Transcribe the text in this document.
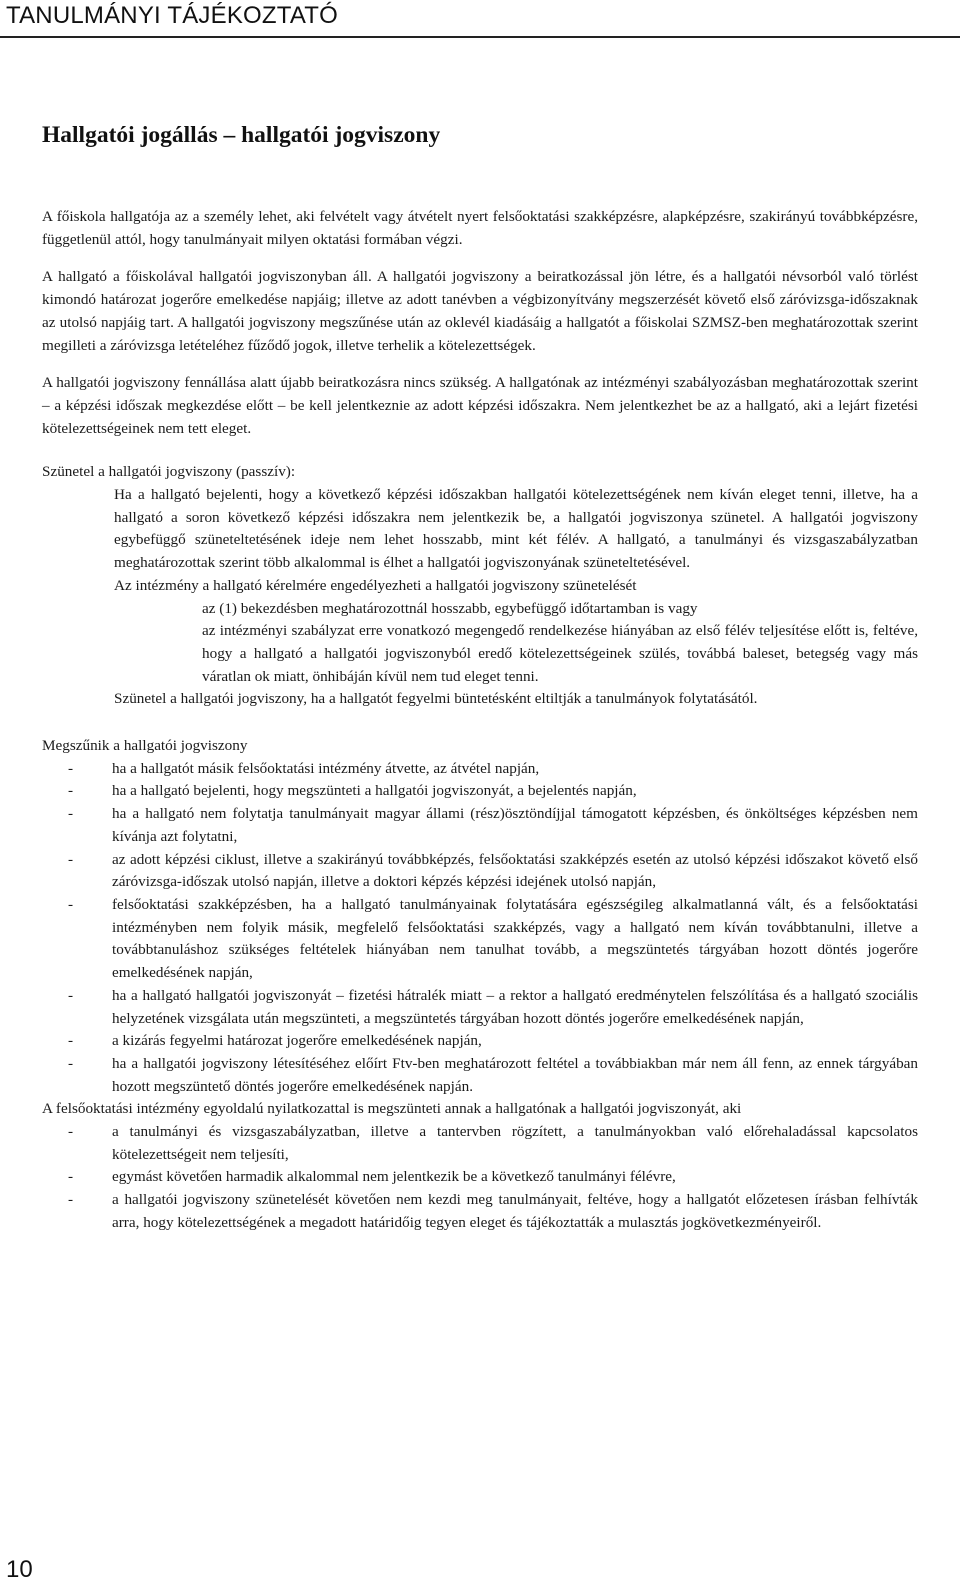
TANULMÁNYI TÁJÉKOZTATÓ
Hallgatói jogállás – hallgatói jogviszony

A főiskola hallgatója az a személy lehet, aki felvételt vagy átvételt nyert felsőoktatási szakképzésre, alapképzésre, szakirányú továbbképzésre, függetlenül attól, hogy tanulmányait milyen oktatási formában végzi.

A hallgató a főiskolával hallgatói jogviszonyban áll. A hallgatói jogviszony a beiratkozással jön létre, és a hallgatói névsorból való törlést kimondó határozat jogerőre emelkedése napjáig; illetve az adott tanévben a végbizonyítvány megszerzését követő első záróvizsga-időszaknak az utolsó napjáig tart. A hallgatói jogviszony megszűnése után az oklevél kiadásáig a hallgatót a főiskolai SZMSZ-ben meghatározottak szerint megilleti a záróvizsga letételéhez fűződő jogok, illetve terhelik a kötelezettségek.

A hallgatói jogviszony fennállása alatt újabb beiratkozásra nincs szükség. A hallgatónak az intézményi szabályozásban meghatározottak szerint – a képzési időszak megkezdése előtt – be kell jelentkeznie az adott képzési időszakra. Nem jelentkezhet be az a hallgató, aki a lejárt fizetési kötelezettségeinek nem tett eleget.

Szünetel a hallgatói jogviszony (passzív):

Ha a hallgató bejelenti, hogy a következő képzési időszakban hallgatói kötelezettségének nem kíván eleget tenni, illetve, ha a hallgató a soron következő képzési időszakra nem jelentkezik be, a hallgatói jogviszonya szünetel. A hallgatói jogviszony egybefüggő szüneteltetésének ideje nem lehet hosszabb, mint két félév. A hallgató, a tanulmányi és vizsgaszabályzatban meghatározottak szerint több alkalommal is élhet a hallgatói jogviszonyának szüneteltetésével.

Az intézmény a hallgató kérelmére engedélyezheti a hallgatói jogviszony szünetelését

az (1) bekezdésben meghatározottnál hosszabb, egybefüggő időtartamban is vagy

az intézményi szabályzat erre vonatkozó megengedő rendelkezése hiányában az első félév teljesítése előtt is, feltéve, hogy a hallgató a hallgatói jogviszonyból eredő kötelezettségeinek szülés, továbbá baleset, betegség vagy más váratlan ok miatt, önhibáján kívül nem tud eleget tenni.

Szünetel a hallgatói jogviszony, ha a hallgatót fegyelmi büntetésként eltiltják a tanulmányok folytatásától.

Megszűnik a hallgatói jogviszony

-	ha a hallgatót másik felsőoktatási intézmény átvette, az átvétel napján,
-	ha a hallgató bejelenti, hogy megszünteti a hallgatói jogviszonyát, a bejelentés napján,
-	ha a hallgató nem folytatja tanulmányait magyar állami (rész)ösztöndíjjal támogatott képzésben, és önköltséges képzésben nem kívánja azt folytatni,
-	az adott képzési ciklust, illetve a szakirányú továbbképzés, felsőoktatási szakképzés esetén az utolsó képzési időszakot követő első záróvizsga-időszak utolsó napján, illetve a doktori képzés képzési idejének utolsó napján,
-	felsőoktatási szakképzésben, ha a hallgató tanulmányainak folytatására egészségileg alkalmatlanná vált, és a felsőoktatási intézményben nem folyik másik, megfelelő felsőoktatási szakképzés, vagy a hallgató nem kíván továbbtanulni, illetve a továbbtanuláshoz szükséges feltételek hiányában nem tanulhat tovább, a megszüntetés tárgyában hozott döntés jogerőre emelkedésének napján,
-	ha a hallgató hallgatói jogviszonyát – fizetési hátralék miatt – a rektor a hallgató eredménytelen felszólítása és a hallgató szociális helyzetének vizsgálata után megszünteti, a megszüntetés tárgyában hozott döntés jogerőre emelkedésének napján,
-	a kizárás fegyelmi határozat jogerőre emelkedésének napján,
-	ha a hallgatói jogviszony létesítéséhez előírt Ftv-ben meghatározott feltétel a továbbiakban már nem áll fenn, az ennek tárgyában hozott megszüntető döntés jogerőre emelkedésének napján.

A felsőoktatási intézmény egyoldalú nyilatkozattal is megszünteti annak a hallgatónak a hallgatói jogviszonyát, aki

-	a tanulmányi és vizsgaszabályzatban, illetve a tantervben rögzített, a tanulmányokban való előrehaladással kapcsolatos kötelezettségeit nem teljesíti,
-	egymást követően harmadik alkalommal nem jelentkezik be a következő tanulmányi félévre,
-	a hallgatói jogviszony szünetelését követően nem kezdi meg tanulmányait, feltéve, hogy a hallgatót előzetesen írásban felhívták arra, hogy kötelezettségének a megadott határidőig tegyen eleget és tájékoztatták a mulasztás jogkövetkezményeiről.
10
